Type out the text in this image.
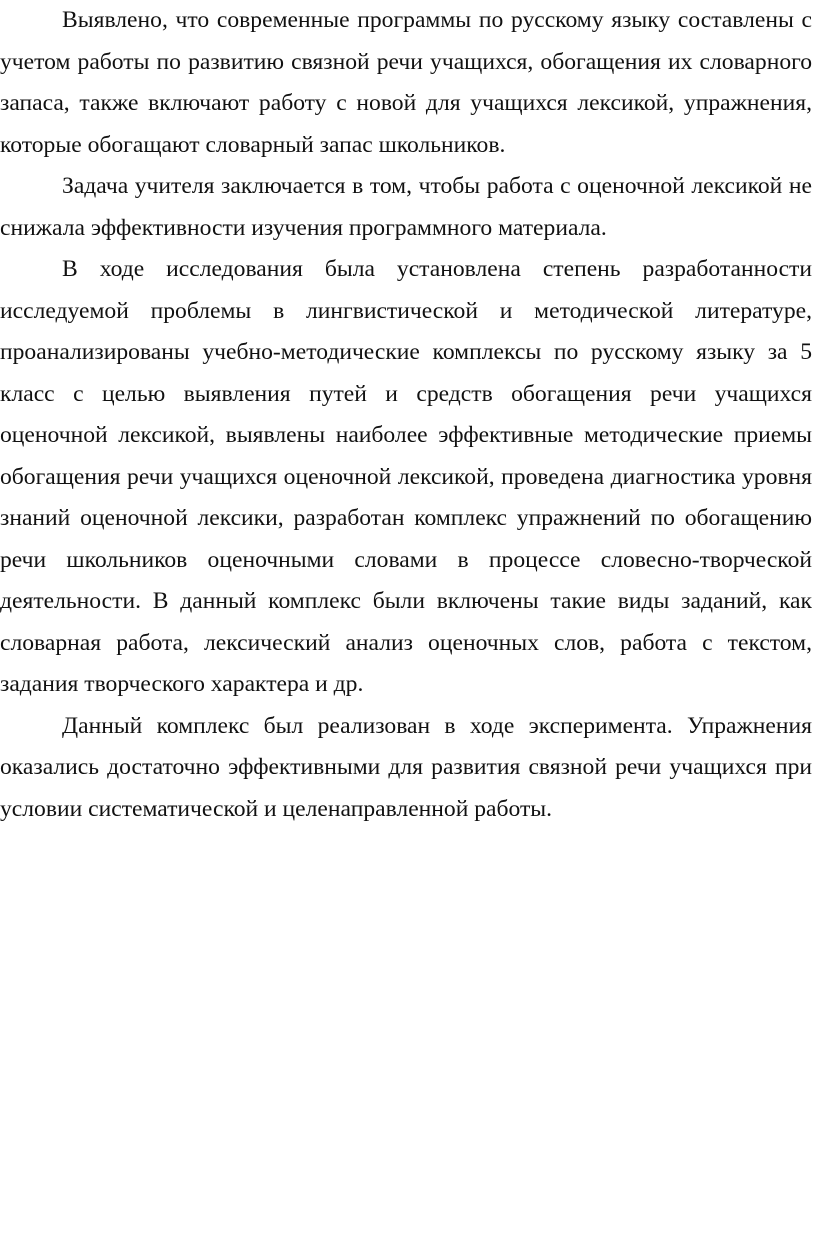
Выявлено, что современные программы по русскому языку составлены с учетом работы по развитию связной речи учащихся, обогащения их словарного запаса, также включают работу с новой для учащихся лексикой, упражнения, которые обогащают словарный запас школьников.

Задача учителя заключается в том, чтобы работа с оценочной лексикой не снижала эффективности изучения программного материала.

В ходе исследования была установлена степень разработанности исследуемой проблемы в лингвистической и методической литературе, проанализированы учебно-методические комплексы по русскому языку за 5 класс с целью выявления путей и средств обогащения речи учащихся оценочной лексикой, выявлены наиболее эффективные методические приемы обогащения речи учащихся оценочной лексикой, проведена диагностика уровня знаний оценочной лексики, разработан комплекс упражнений по обогащению речи школьников оценочными словами в процессе словесно-творческой деятельности. В данный комплекс были включены такие виды заданий, как словарная работа, лексический анализ оценочных слов, работа с текстом, задания творческого характера и др.

Данный комплекс был реализован в ходе эксперимента. Упражнения оказались достаточно эффективными для развития связной речи учащихся при условии систематической и целенаправленной работы.
